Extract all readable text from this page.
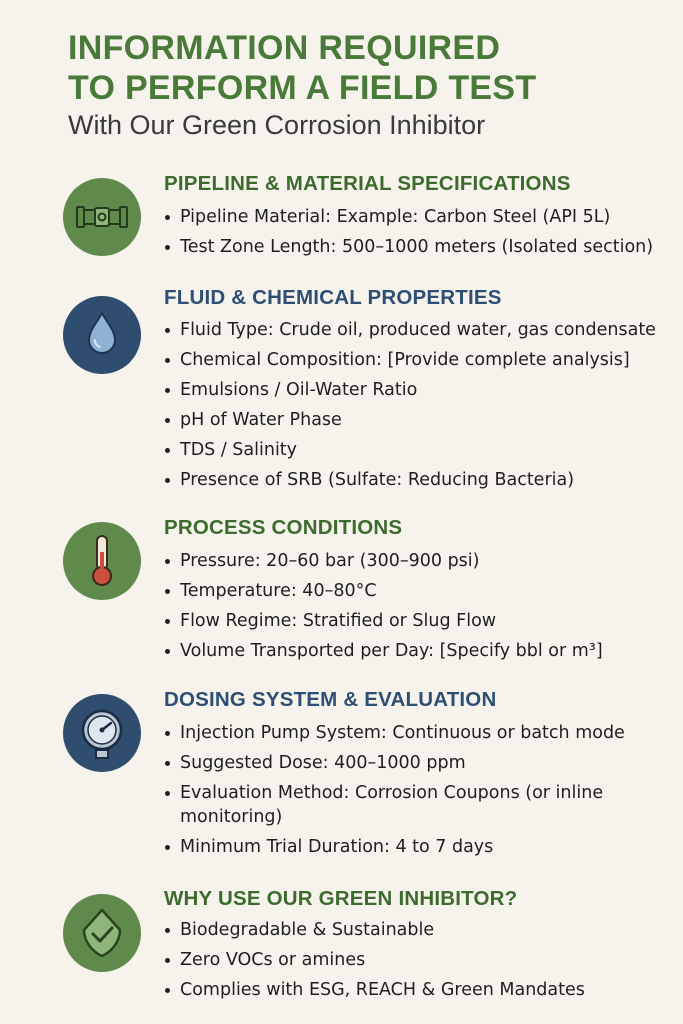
INFORMATION REQUIRED
TO PERFORM A FIELD TEST
With Our Green Corrosion Inhibitor
PIPELINE & MATERIAL SPECIFICATIONS
Pipeline Material: Example: Carbon Steel (API 5L)
Test Zone Length: 500–1000 meters (Isolated section)
FLUID & CHEMICAL PROPERTIES
Fluid Type: Crude oil, produced water, gas condensate
Chemical Composition: [Provide complete analysis]
Emulsions / Oil-Water Ratio
pH of Water Phase
TDS / Salinity
Presence of SRB (Sulfate: Reducing Bacteria)
PROCESS CONDITIONS
Pressure: 20–60 bar (300–900 psi)
Temperature: 40–80°C
Flow Regime: Stratified or Slug Flow
Volume Transported per Day: [Specify bbl or m³]
DOSING SYSTEM & EVALUATION
Injection Pump System: Continuous or batch mode
Suggested Dose: 400–1000 ppm
Evaluation Method: Corrosion Coupons (or inline monitoring)
Minimum Trial Duration: 4 to 7 days
WHY USE OUR GREEN INHIBITOR?
Biodegradable & Sustainable
Zero VOCs or amines
Complies with ESG, REACH & Green Mandates
